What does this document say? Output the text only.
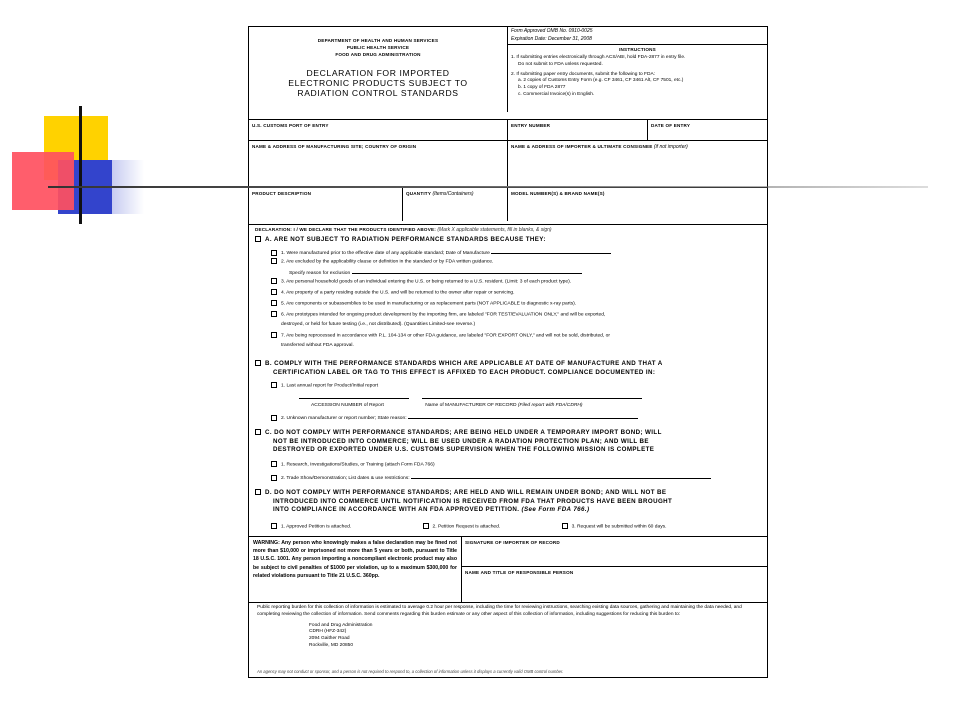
DEPARTMENT OF HEALTH AND HUMAN SERVICES
PUBLIC HEALTH SERVICE
FOOD AND DRUG ADMINISTRATION
DECLARATION FOR IMPORTED
ELECTRONIC PRODUCTS SUBJECT TO
RADIATION CONTROL STANDARDS
Form Approved OMB No. 0910-0025
Expiration Date: December 31, 2008
INSTRUCTIONS
1. If submitting entries electronically through ACS/ABI, hold FDA-2877 in entry file.
Do not submit to FDA unless requested.
2. If submitting paper entry documents, submit the following to FDA:
a. 2 copies of Customs Entry Form (e.g. CF 3461, CF 3461 Alt, CF 7501, etc.)
b. 1 copy of FDA 2877
c. Commercial Invoice(s) in English.
U.S. CUSTOMS PORT OF ENTRY	ENTRY NUMBER	DATE OF ENTRY
NAME & ADDRESS OF MANUFACTURING SITE; COUNTRY OF ORIGIN	NAME & ADDRESS OF IMPORTER & ULTIMATE CONSIGNEE (if not importer)
PRODUCT DESCRIPTION	QUANTITY (Items/Containers)	MODEL NUMBER(S) & BRAND NAME(S)
DECLARATION: I / WE DECLARE THAT THE PRODUCTS IDENTIFIED ABOVE: (Mark X applicable statements, fill in blanks, & sign)
A. ARE NOT SUBJECT TO RADIATION PERFORMANCE STANDARDS BECAUSE THEY:
1. Were manufactured prior to the effective date of any applicable standard; Date of Manufacture
2. Are excluded by the applicability clause or definition in the standard or by FDA written guidance.
Specify reason for exclusion
3. Are personal household goods of an individual entering the U.S. or being returned to a U.S. resident. (Limit: 3 of each product type).
4. Are property of a party residing outside the U.S. and will be returned to the owner after repair or servicing.
5. Are components or subassemblies to be used in manufacturing or as replacement parts (NOT APPLICABLE to diagnostic x-ray parts).
6. Are prototypes intended for ongoing product development by the importing firm, are labeled "FOR TEST/EVALUATION ONLY," and will be exported,
destroyed, or held for future testing (i.e., not distributed). (Quantities Limited-see reverse.)
7. Are being reprocessed in accordance with P.L. 104-134 or other FDA guidance, are labeled "FOR EXPORT ONLY," and will not be sold, distributed, or
transferred without FDA approval.
B. COMPLY WITH THE PERFORMANCE STANDARDS WHICH ARE APPLICABLE AT DATE OF MANUFACTURE AND THAT A
CERTIFICATION LABEL OR TAG TO THIS EFFECT IS AFFIXED TO EACH PRODUCT. COMPLIANCE DOCUMENTED IN:
1. Last annual report for Product/Initial report

ACCESSION NUMBER of Report	Name of MANUFACTURER OF RECORD (Filed report with FDA/CDRH)
2. Unknown manufacturer or report number; State reason:
C. DO NOT COMPLY WITH PERFORMANCE STANDARDS; ARE BEING HELD UNDER A TEMPORARY IMPORT BOND; WILL
NOT BE INTRODUCED INTO COMMERCE; WILL BE USED UNDER A RADIATION PROTECTION PLAN; AND WILL BE
DESTROYED OR EXPORTED UNDER U.S. CUSTOMS SUPERVISION WHEN THE FOLLOWING MISSION IS COMPLETE
1. Research, Investigations/Studies, or Training (attach Form FDA 766)
2. Trade Show/Demonstration; List dates & use restrictions:
D. DO NOT COMPLY WITH PERFORMANCE STANDARDS; ARE HELD AND WILL REMAIN UNDER BOND; AND WILL NOT BE
INTRODUCED INTO COMMERCE UNTIL NOTIFICATION IS RECEIVED FROM FDA THAT PRODUCTS HAVE BEEN BROUGHT
INTO COMPLIANCE IN ACCORDANCE WITH AN FDA APPROVED PETITION. (See Form FDA 766.)
1. Approved Petition is attached.	2. Petition Request is attached.	3. Request will be submitted within 60 days.
WARNING: Any person who knowingly makes a false declaration may be fined not more than $10,000 or imprisoned not more than 5 years or both, pursuant to Title 18 U.S.C. 1001. Any person importing a noncompliant electronic product may also be subject to civil penalties of $1000 per violation, up to a maximum $300,000 for related violations pursuant to Title 21 U.S.C. 360pp.
SIGNATURE OF IMPORTER OF RECORD
NAME AND TITLE OF RESPONSIBLE PERSON
Public reporting burden for this collection of information is estimated to average 0.2 hour per response, including the time for reviewing instructions, searching existing data sources, gathering and maintaining the data needed, and completing reviewing the collection of information. Send comments regarding this burden estimate or any other aspect of this collection of information, including suggestions for reducing this burden to:
Food and Drug Administration
CDRH (HFZ-342)
2094 Gaither Road
Rockville, MD 20850
An agency may not conduct or sponsor, and a person is not required to respond to, a collection of information unless it displays a currently valid OMB control number.
